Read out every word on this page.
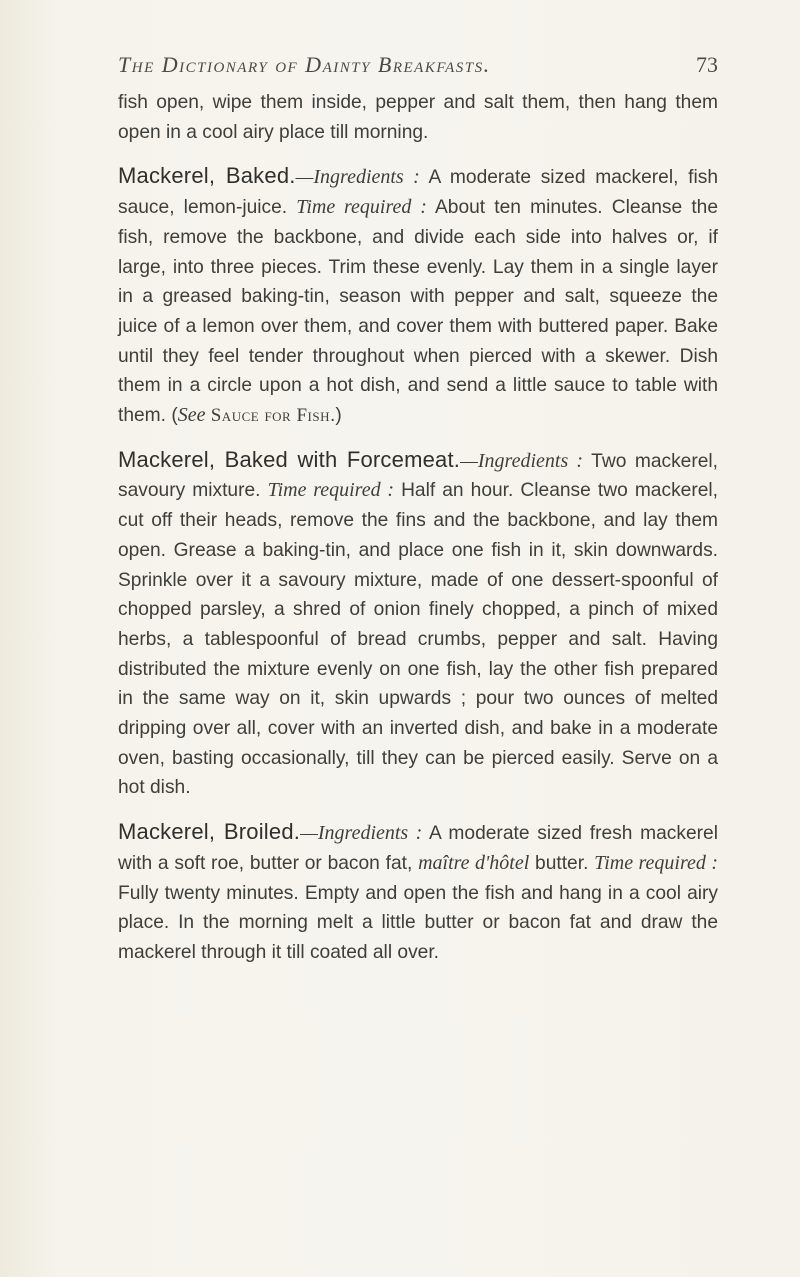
The Dictionary of Dainty Breakfasts.	73

fish open, wipe them inside, pepper and salt them, then hang them open in a cool airy place till morning.

Mackerel, Baked.—Ingredients : A moderate sized mackerel, fish sauce, lemon-juice. Time required : About ten minutes. Cleanse the fish, remove the backbone, and divide each side into halves or, if large, into three pieces. Trim these evenly. Lay them in a single layer in a greased baking-tin, season with pepper and salt, squeeze the juice of a lemon over them, and cover them with buttered paper. Bake until they feel tender throughout when pierced with a skewer. Dish them in a circle upon a hot dish, and send a little sauce to table with them. (See Sauce for Fish.)

Mackerel, Baked with Forcemeat.—Ingredients : Two mackerel, savoury mixture. Time required : Half an hour. Cleanse two mackerel, cut off their heads, remove the fins and the backbone, and lay them open. Grease a baking-tin, and place one fish in it, skin downwards. Sprinkle over it a savoury mixture, made of one dessert-spoonful of chopped parsley, a shred of onion finely chopped, a pinch of mixed herbs, a tablespoonful of bread crumbs, pepper and salt. Having distributed the mixture evenly on one fish, lay the other fish prepared in the same way on it, skin upwards ; pour two ounces of melted dripping over all, cover with an inverted dish, and bake in a moderate oven, basting occasionally, till they can be pierced easily. Serve on a hot dish.

Mackerel, Broiled.—Ingredients : A moderate sized fresh mackerel with a soft roe, butter or bacon fat, maître d'hôtel butter. Time required : Fully twenty minutes. Empty and open the fish and hang in a cool airy place. In the morning melt a little butter or bacon fat and draw the mackerel through it till coated all over.
